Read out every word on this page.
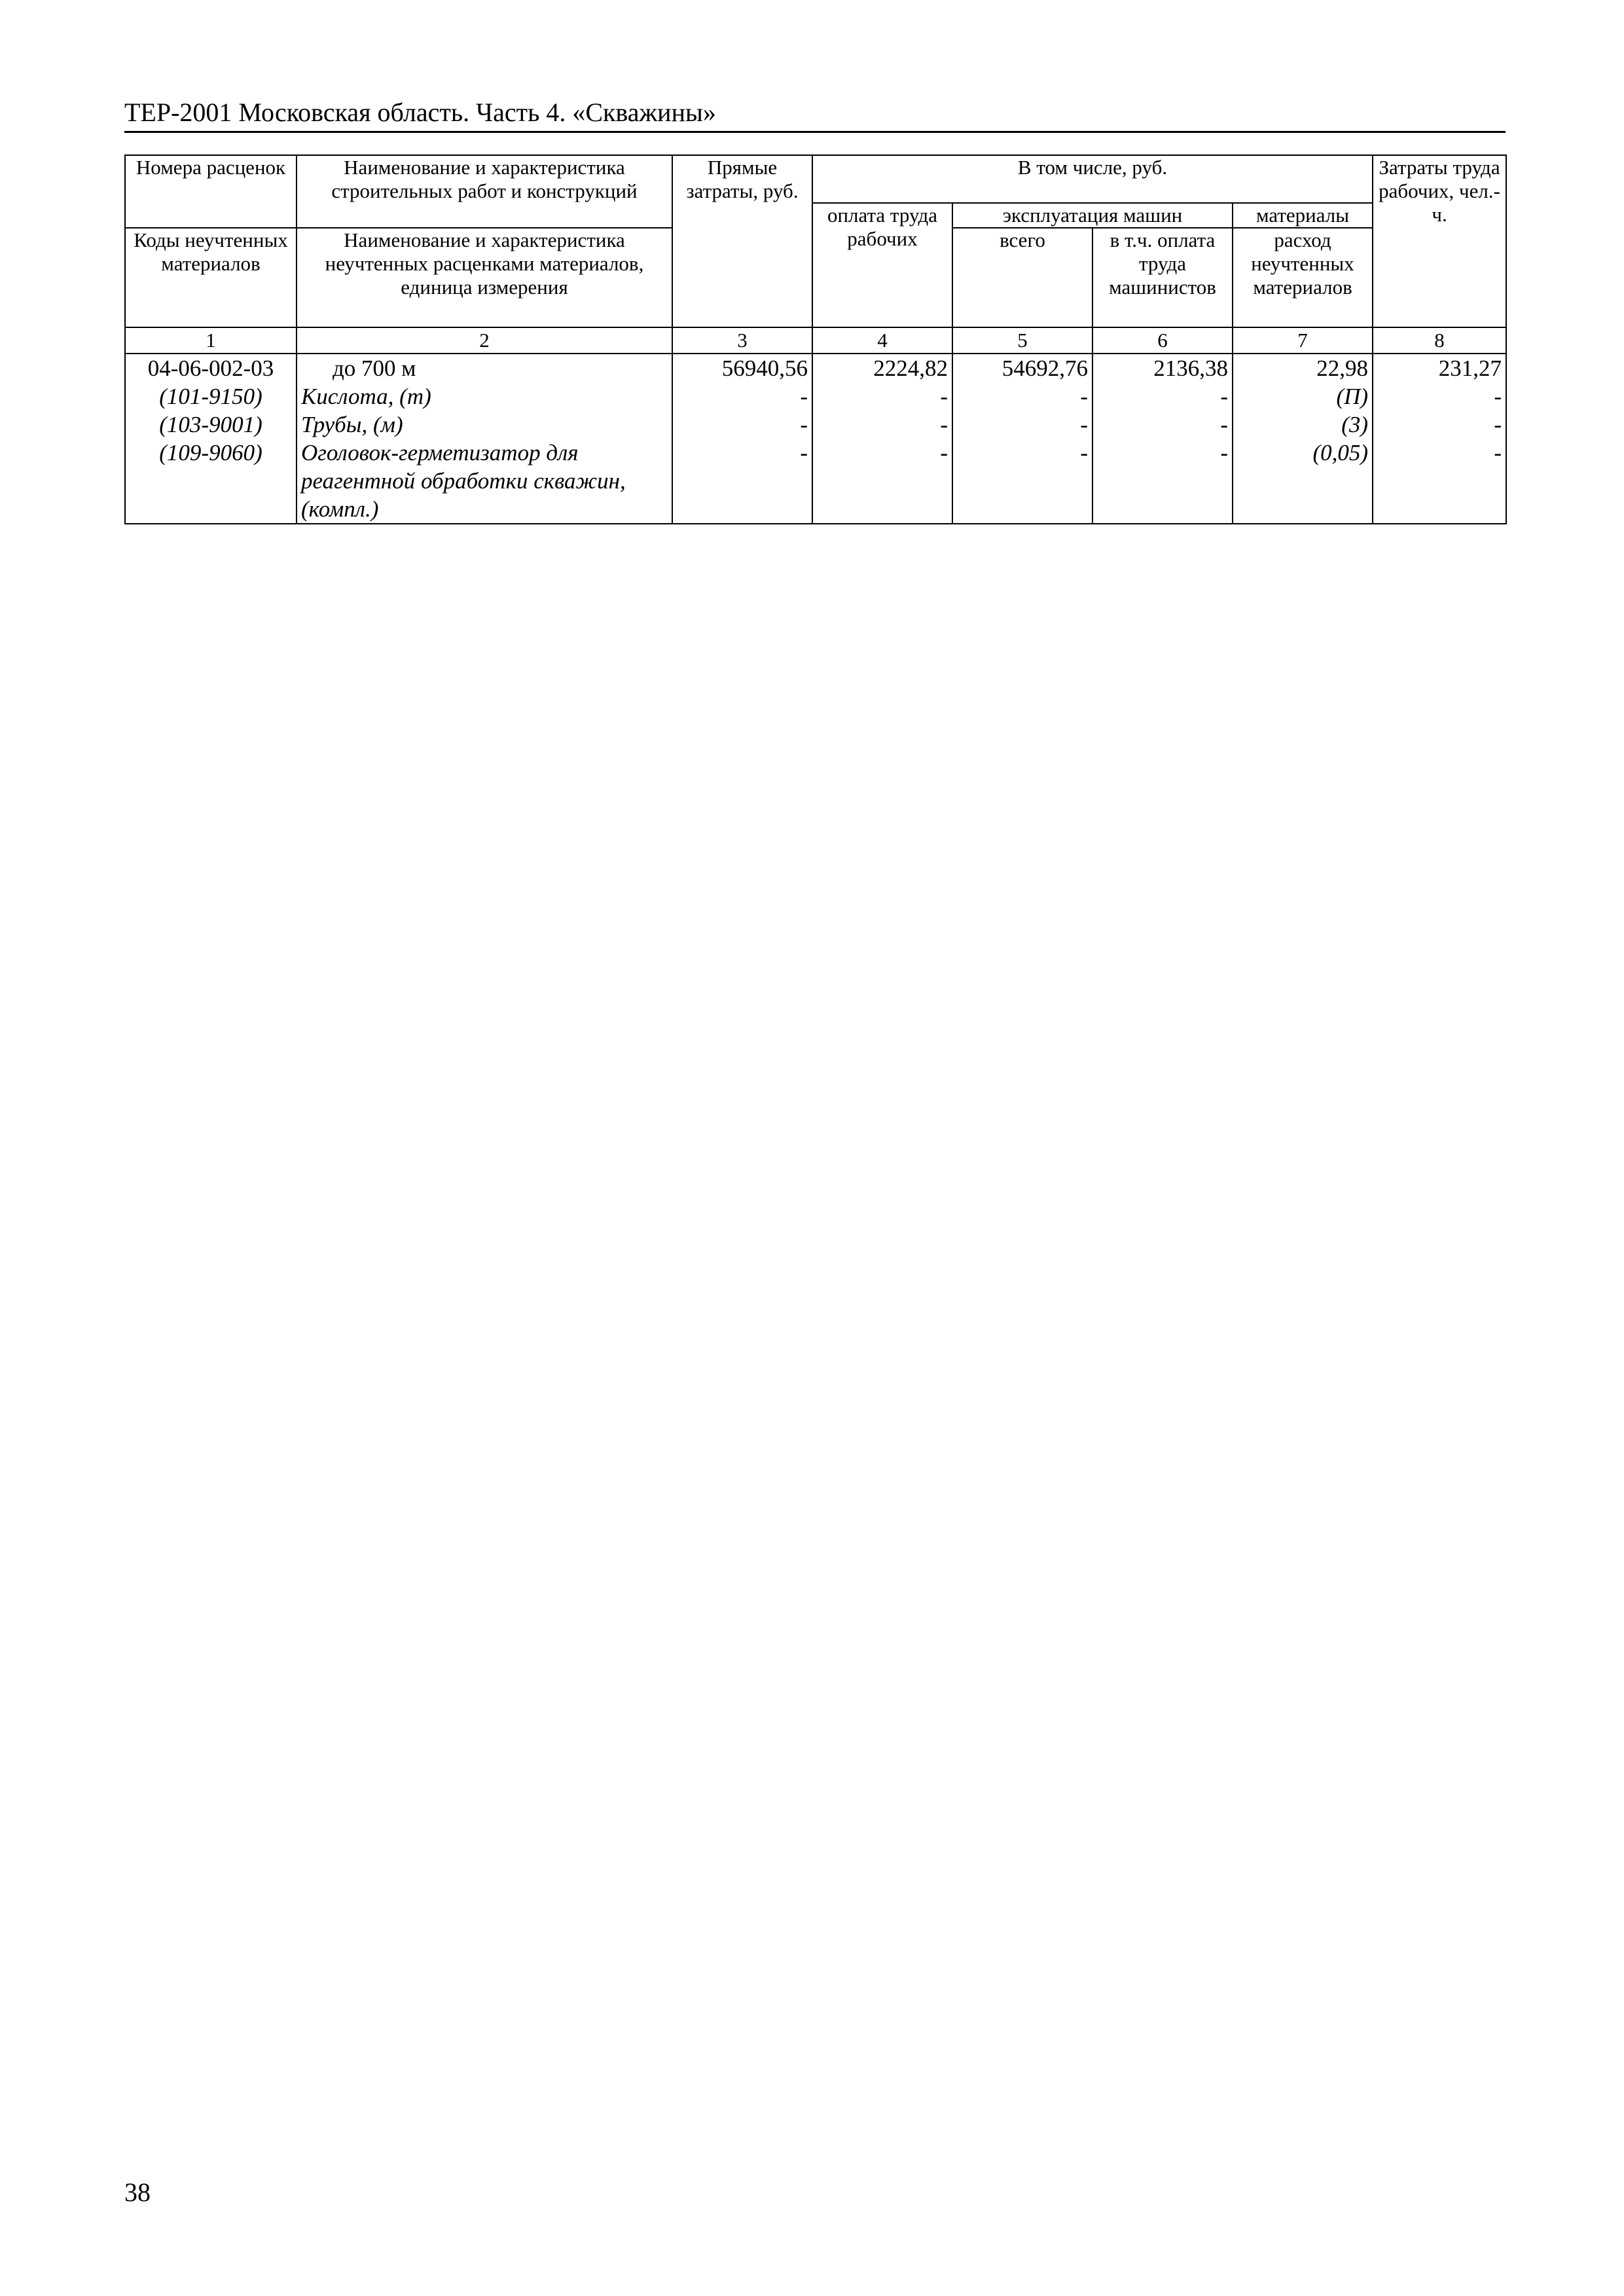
ТЕР-2001 Московская область. Часть 4. «Скважины»
Номера расценок	Наименование и характеристика строительных работ и конструкций	Прямые затраты, руб.	В том числе, руб.				Затраты труда рабочих, чел.-ч.
			оплата труда рабочих	эксплуатация машин		материалы	
Коды неучтенных материалов	Наименование и характеристика неучтенных расценками материалов, единица измерения			всего	в т.ч. оплата труда машинистов	расход неучтенных материалов	

1	2	3	4	5	6	7	8
04-06-002-03	до 700 м	56940,56	2224,82	54692,76	2136,38	22,98	231,27
(101-9150)	Кислота, (т)	-	-	-	-	(П)	-
(103-9001)	Трубы, (м)	-	-	-	-	(3)	-
(109-9060)	Оголовок-герметизатор для реагентной обработки скважин, (компл.)	-	-	-	-	(0,05)	-
38
